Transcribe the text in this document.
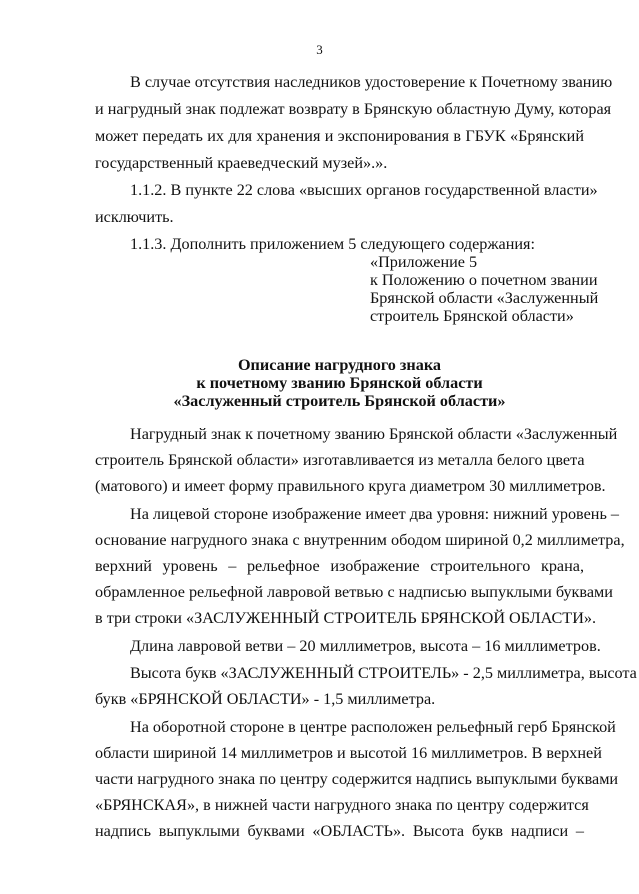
3
В случае отсутствия наследников удостоверение к Почетному званию
и нагрудный знак подлежат возврату в Брянскую областную Думу, которая
может передать их для хранения и экспонирования в ГБУК «Брянский
государственный краеведческий музей».».
1.1.2. В пункте 22 слова «высших органов государственной власти»
исключить.
1.1.3. Дополнить приложением 5 следующего содержания:
«Приложение 5
к Положению о почетном звании
Брянской области «Заслуженный
строитель Брянской области»
Описание нагрудного знака
к почетному званию Брянской области
«Заслуженный строитель Брянской области»
Нагрудный знак к почетному званию Брянской области «Заслуженный
строитель Брянской области» изготавливается из металла белого цвета
(матового) и имеет форму правильного круга диаметром 30 миллиметров.
На лицевой стороне изображение имеет два уровня: нижний уровень –
основание нагрудного знака с внутренним ободом шириной 0,2 миллиметра,
верхний уровень – рельефное изображение строительного крана,
обрамленное рельефной лавровой ветвью с надписью выпуклыми буквами
в три строки «ЗАСЛУЖЕННЫЙ СТРОИТЕЛЬ БРЯНСКОЙ ОБЛАСТИ».
Длина лавровой ветви – 20 миллиметров, высота – 16 миллиметров.
Высота букв «ЗАСЛУЖЕННЫЙ СТРОИТЕЛЬ» - 2,5 миллиметра, высота
букв «БРЯНСКОЙ ОБЛАСТИ» - 1,5 миллиметра.
На оборотной стороне в центре расположен рельефный герб Брянской
области шириной 14 миллиметров и высотой 16 миллиметров. В верхней
части нагрудного знака по центру содержится надпись выпуклыми буквами
«БРЯНСКАЯ», в нижней части нагрудного знака по центру содержится
надпись выпуклыми буквами «ОБЛАСТЬ». Высота букв надписи –
